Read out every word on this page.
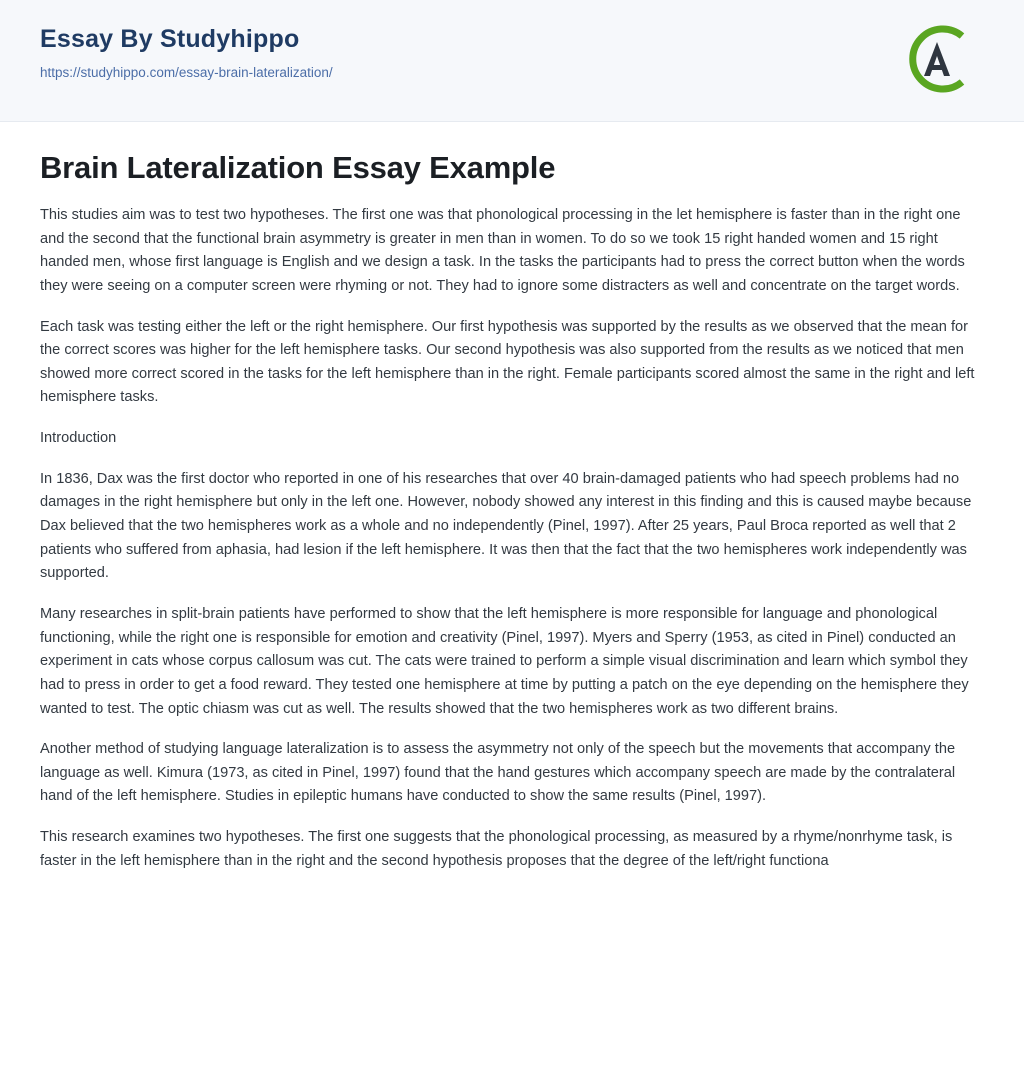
Essay By Studyhippo
https://studyhippo.com/essay-brain-lateralization/
Brain Lateralization Essay Example

This studies aim was to test two hypotheses. The first one was that phonological processing in the let hemisphere is faster than in the right one and the second that the functional brain asymmetry is greater in men than in women. To do so we took 15 right handed women and 15 right handed men, whose first language is English and we design a task. In the tasks the participants had to press the correct button when the words they were seeing on a computer screen were rhyming or not. They had to ignore some distracters as well and concentrate on the target words.

Each task was testing either the left or the right hemisphere. Our first hypothesis was supported by the results as we observed that the mean for the correct scores was higher for the left hemisphere tasks. Our second hypothesis was also supported from the results as we noticed that men showed more correct scored in the tasks for the left hemisphere than in the right. Female participants scored almost the same in the right and left hemisphere tasks.

Introduction

In 1836, Dax was the first doctor who reported in one of his researches that over 40 brain-damaged patients who had speech problems had no damages in the right hemisphere but only in the left one. However, nobody showed any interest in this finding and this is caused maybe because Dax believed that the two hemispheres work as a whole and no independently (Pinel, 1997). After 25 years, Paul Broca reported as well that 2 patients who suffered from aphasia, had lesion if the left hemisphere. It was then that the fact that the two hemispheres work independently was supported.

Many researches in split-brain patients have performed to show that the left hemisphere is more responsible for language and phonological functioning, while the right one is responsible for emotion and creativity (Pinel, 1997). Myers and Sperry (1953, as cited in Pinel) conducted an experiment in cats whose corpus callosum was cut. The cats were trained to perform a simple visual discrimination and learn which symbol they had to press in order to get a food reward. They tested one hemisphere at time by putting a patch on the eye depending on the hemisphere they wanted to test. The optic chiasm was cut as well. The results showed that the two hemispheres work as two different brains.

Another method of studying language lateralization is to assess the asymmetry not only of the speech but the movements that accompany the language as well. Kimura (1973, as cited in Pinel, 1997) found that the hand gestures which accompany speech are made by the contralateral hand of the left hemisphere. Studies in epileptic humans have conducted to show the same results (Pinel, 1997).

This research examines two hypotheses. The first one suggests that the phonological processing, as measured by a rhyme/nonrhyme task, is faster in the left hemisphere than in the right and the second hypothesis proposes that the degree of the left/right functiona
